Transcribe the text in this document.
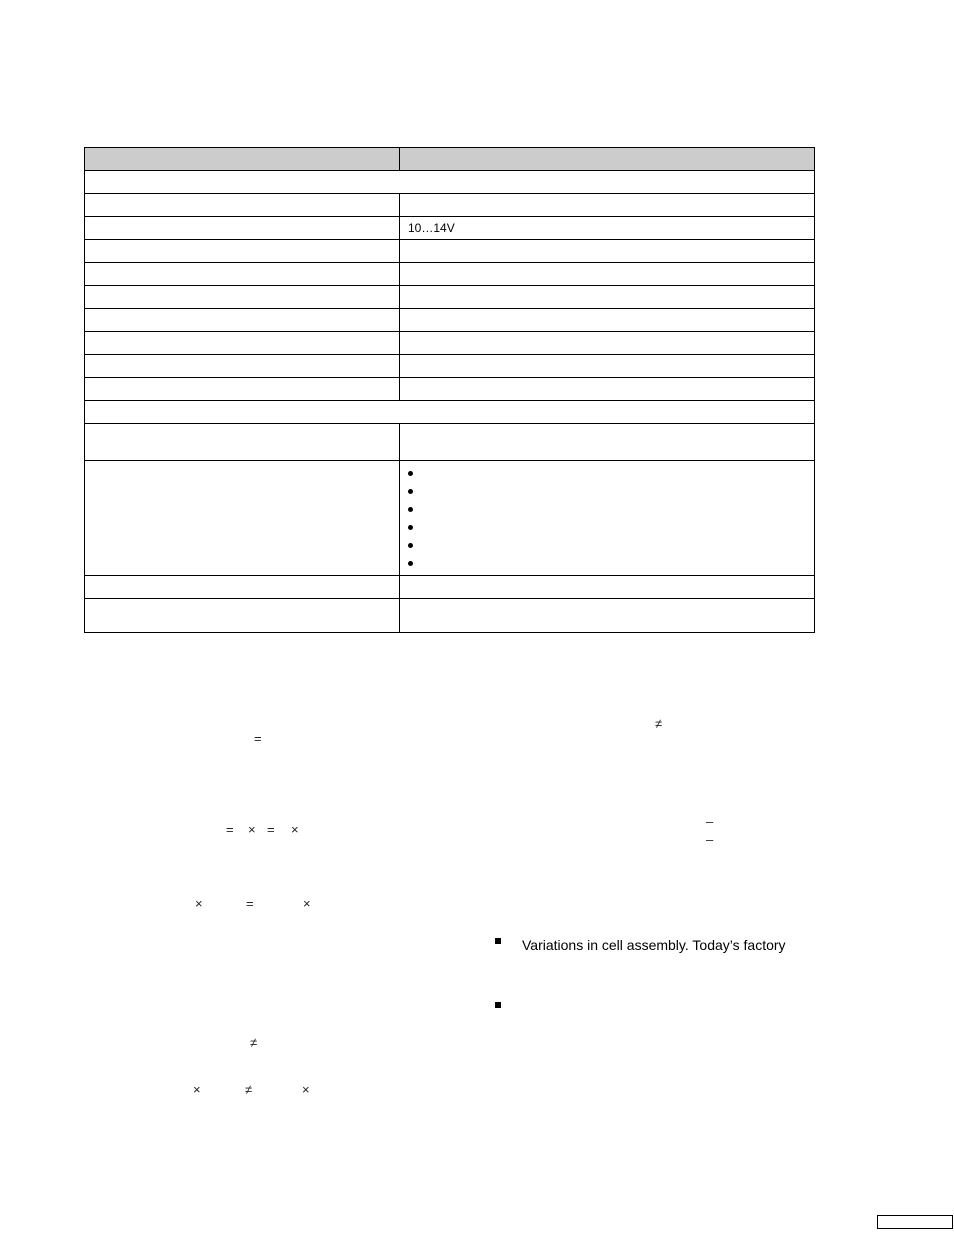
	10…14V

=
= × = ×
×	=	×
≠
×	≠	×
≠
–
–
Variations in cell assembly. Today’s factory
